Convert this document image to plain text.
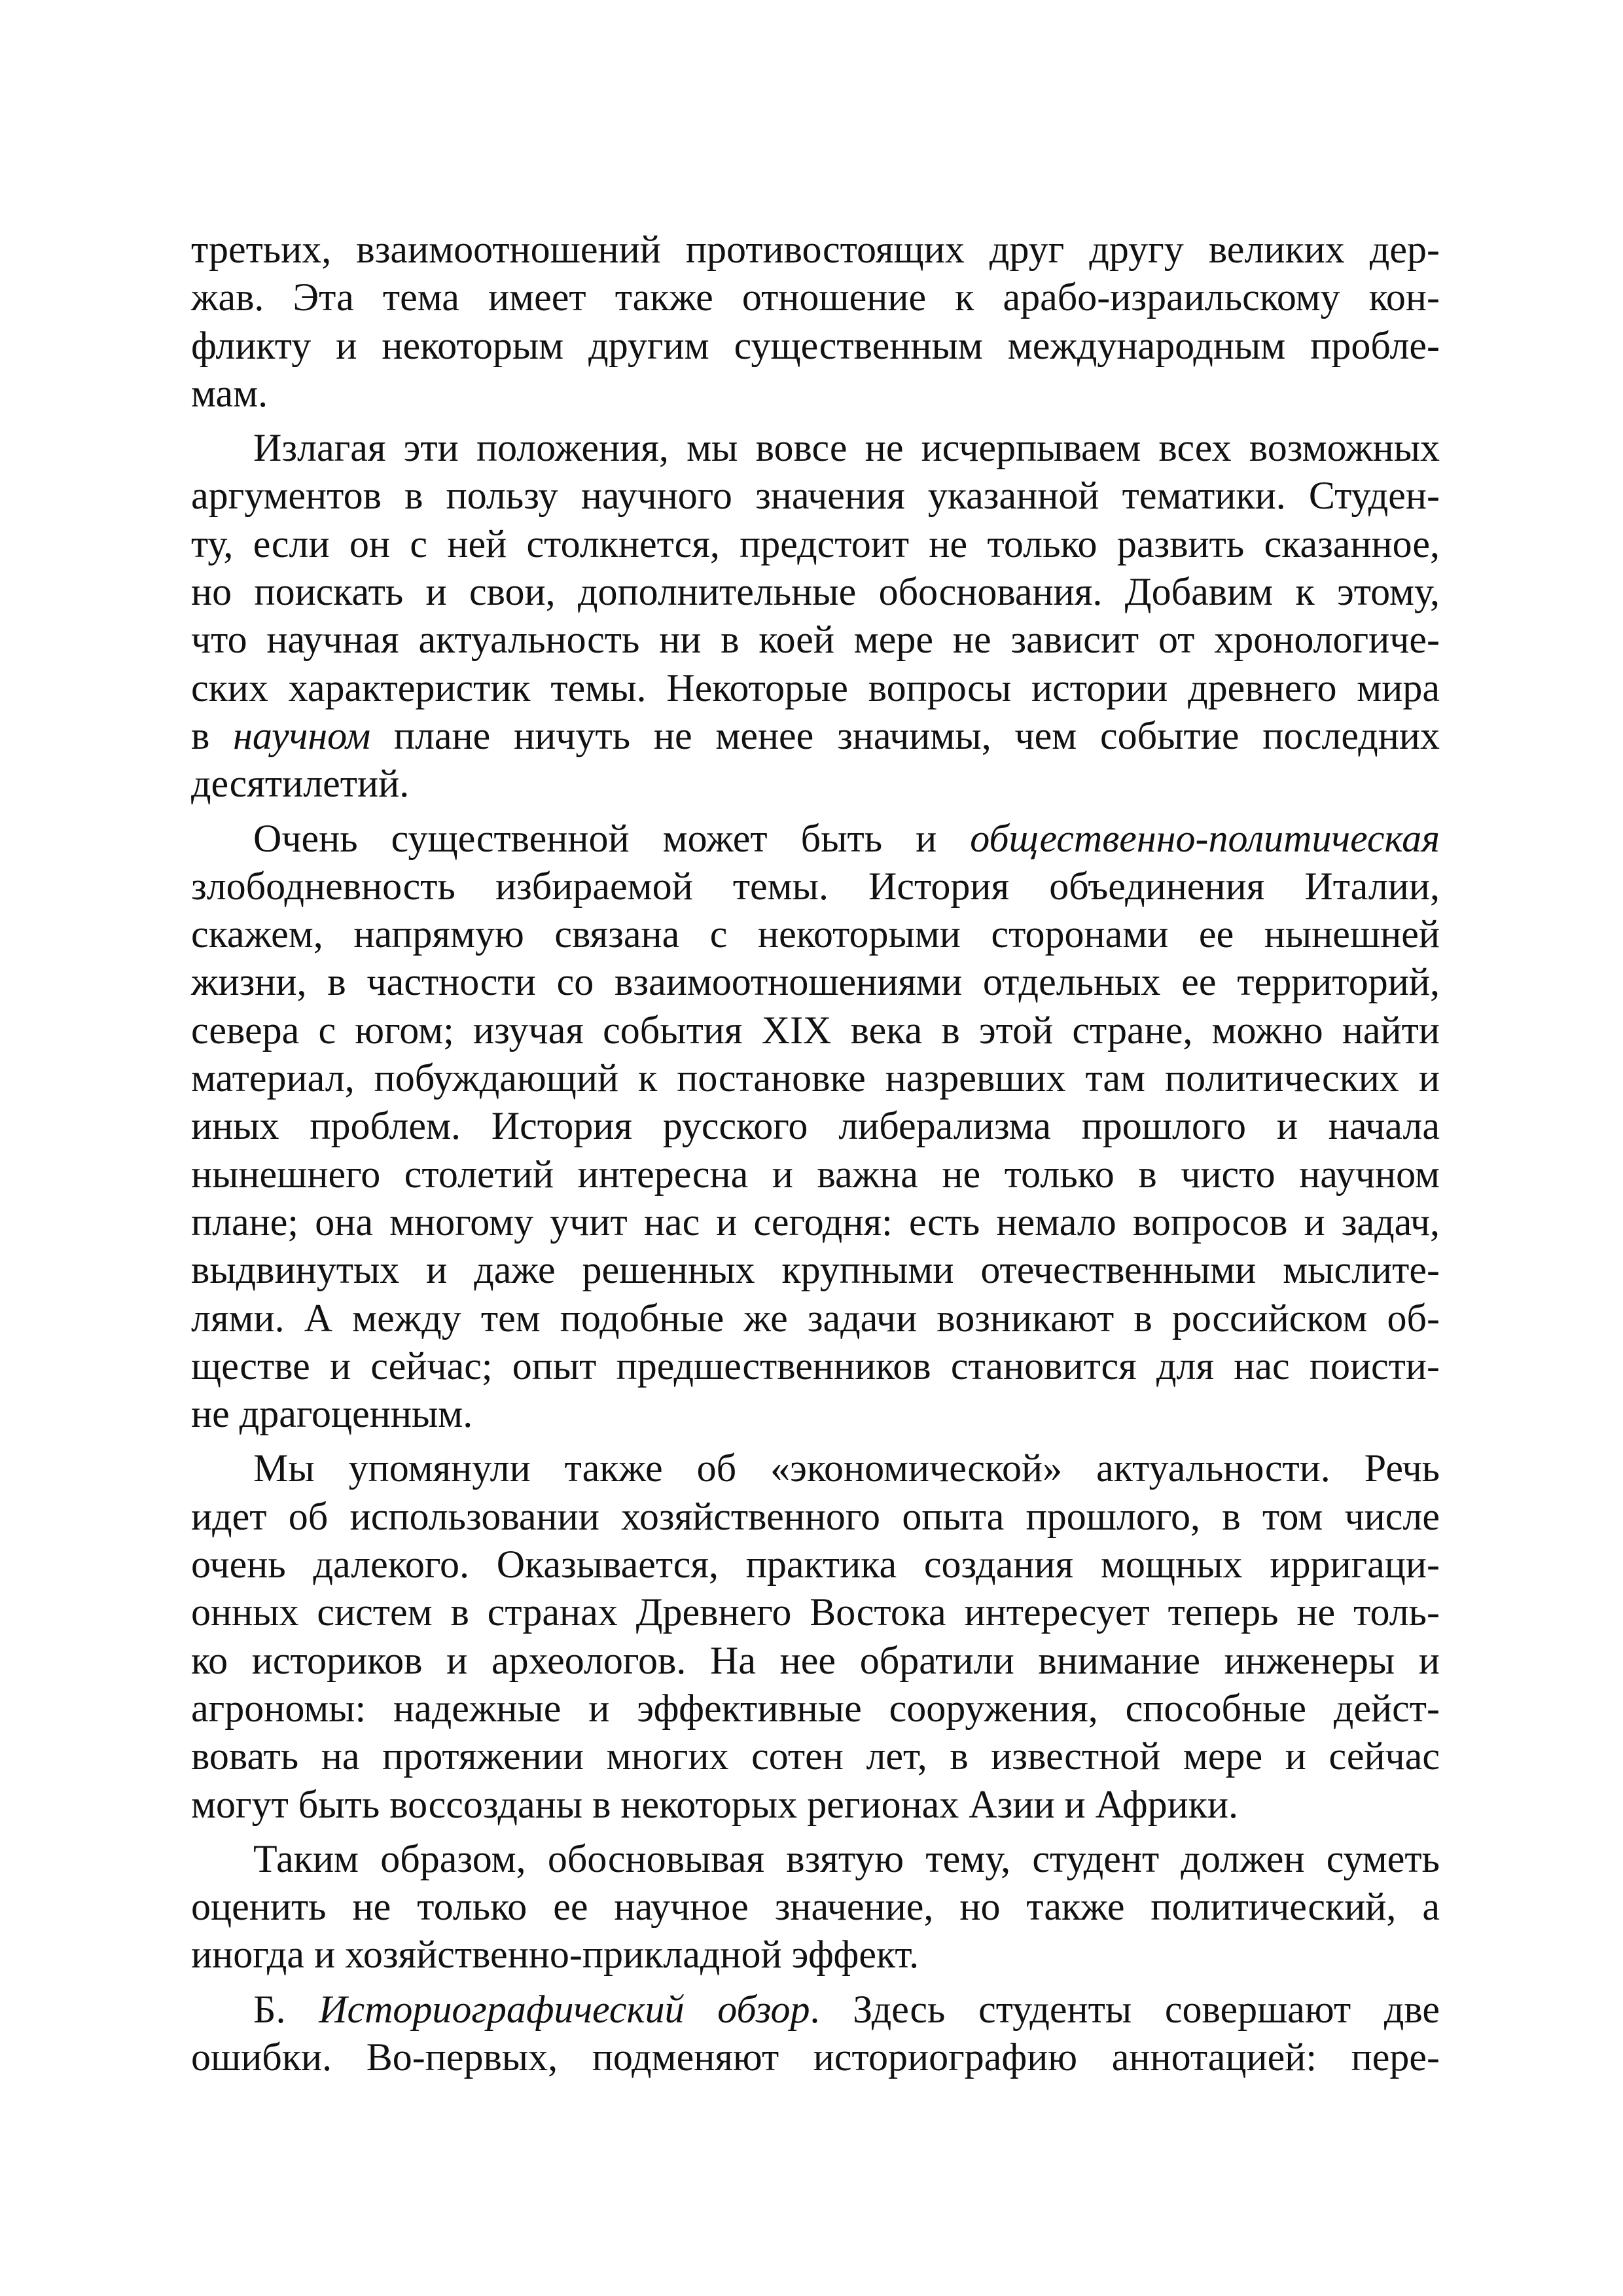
третьих, взаимоотношений противостоящих друг другу великих дер-
жав. Эта тема имеет также отношение к арабо-израильскому кон-
фликту и некоторым другим существенным международным пробле-
мам.

Излагая эти положения, мы вовсе не исчерпываем всех возможных
аргументов в пользу научного значения указанной тематики. Студен-
ту, если он с ней столкнется, предстоит не только развить сказанное,
но поискать и свои, дополнительные обоснования. Добавим к этому,
что научная актуальность ни в коей мере не зависит от хронологиче-
ских характеристик темы. Некоторые вопросы истории древнего мира
в научном плане ничуть не менее значимы, чем событие последних
десятилетий.

Очень существенной может быть и общественно-политическая
злободневность избираемой темы. История объединения Италии,
скажем, напрямую связана с некоторыми сторонами ее нынешней
жизни, в частности со взаимоотношениями отдельных ее территорий,
севера с югом; изучая события XIX века в этой стране, можно найти
материал, побуждающий к постановке назревших там политических и
иных проблем. История русского либерализма прошлого и начала
нынешнего столетий интересна и важна не только в чисто научном
плане; она многому учит нас и сегодня: есть немало вопросов и задач,
выдвинутых и даже решенных крупными отечественными мыслите-
лями. А между тем подобные же задачи возникают в российском об-
ществе и сейчас; опыт предшественников становится для нас поисти-
не драгоценным.

Мы упомянули также об «экономической» актуальности. Речь
идет об использовании хозяйственного опыта прошлого, в том числе
очень далекого. Оказывается, практика создания мощных ирригаци-
онных систем в странах Древнего Востока интересует теперь не толь-
ко историков и археологов. На нее обратили внимание инженеры и
агрономы: надежные и эффективные сооружения, способные дейст-
вовать на протяжении многих сотен лет, в известной мере и сейчас
могут быть воссозданы в некоторых регионах Азии и Африки.

Таким образом, обосновывая взятую тему, студент должен суметь
оценить не только ее научное значение, но также политический, а
иногда и хозяйственно-прикладной эффект.

Б. Историографический обзор. Здесь студенты совершают две
ошибки. Во-первых, подменяют историографию аннотацией: пере-
